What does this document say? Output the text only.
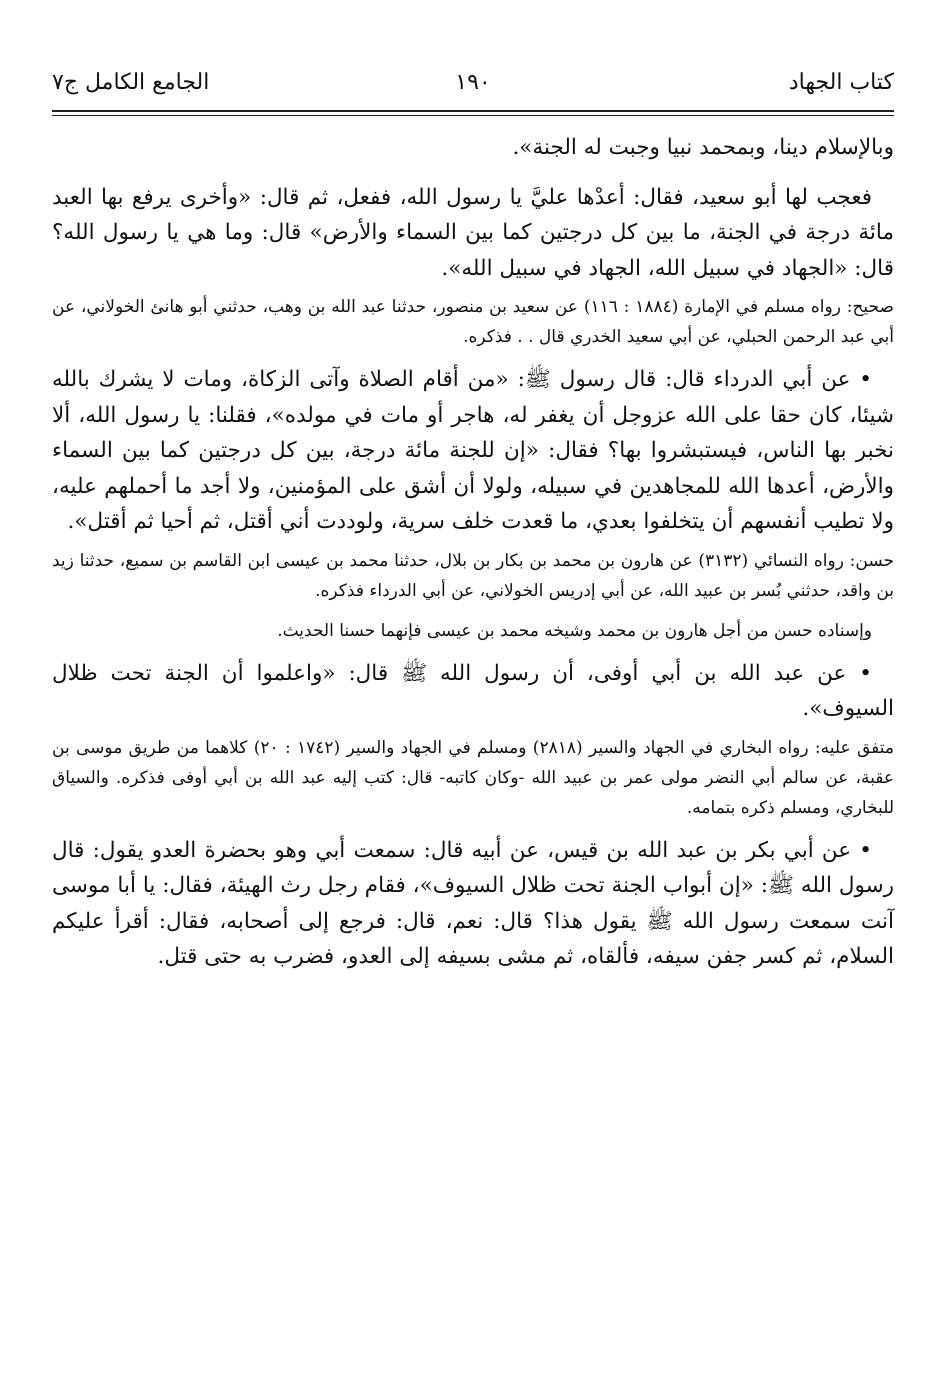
كتاب الجهاد
١٩٠
الجامع الكامل ج٧

وبالإسلام دينا، وبمحمد نبيا وجبت له الجنة».

فعجب لها أبو سعيد، فقال: أعدْها عليَّ يا رسول الله، ففعل، ثم قال: «وأخرى يرفع بها العبد مائة درجة في الجنة، ما بين كل درجتين كما بين السماء والأرض» قال: وما هي يا رسول الله؟ قال: «الجهاد في سبيل الله، الجهاد في سبيل الله».

صحيح: رواه مسلم في الإمارة (١٨٨٤ : ١١٦) عن سعيد بن منصور، حدثنا عبد الله بن وهب، حدثني أبو هانئ الخولاني، عن أبي عبد الرحمن الحبلي، عن أبي سعيد الخدري قال . . فذكره.

• عن أبي الدرداء قال: قال رسول ﷺ: «من أقام الصلاة وآتى الزكاة، ومات لا يشرك بالله شيئا، كان حقا على الله عزوجل أن يغفر له، هاجر أو مات في مولده»، فقلنا: يا رسول الله، ألا نخبر بها الناس، فيستبشروا بها؟ فقال: «إن للجنة مائة درجة، بين كل درجتين كما بين السماء والأرض، أعدها الله للمجاهدين في سبيله، ولولا أن أشق على المؤمنين، ولا أجد ما أحملهم عليه، ولا تطيب أنفسهم أن يتخلفوا بعدي، ما قعدت خلف سرية، ولوددت أني أقتل، ثم أحيا ثم أقتل».

حسن: رواه النسائي (٣١٣٢) عن هارون بن محمد بن بكار بن بلال، حدثنا محمد بن عيسى ابن القاسم بن سميع، حدثنا زيد بن واقد، حدثني بُسر بن عبيد الله، عن أبي إدريس الخولاني، عن أبي الدرداء فذكره.

وإسناده حسن من أجل هارون بن محمد وشيخه محمد بن عيسى فإنهما حسنا الحديث.

• عن عبد الله بن أبي أوفى، أن رسول الله ﷺ قال: «واعلموا أن الجنة تحت ظلال السيوف».

متفق عليه: رواه البخاري في الجهاد والسير (٢٨١٨) ومسلم في الجهاد والسير (١٧٤٢ : ٢٠) كلاهما من طريق موسى بن عقبة، عن سالم أبي النضر مولى عمر بن عبيد الله -وكان كاتبه- قال: كتب إليه عبد الله بن أبي أوفى فذكره. والسياق للبخاري، ومسلم ذكره بتمامه.

• عن أبي بكر بن عبد الله بن قيس، عن أبيه قال: سمعت أبي وهو بحضرة العدو يقول: قال رسول الله ﷺ: «إن أبواب الجنة تحت ظلال السيوف»، فقام رجل رث الهيئة، فقال: يا أبا موسى آنت سمعت رسول الله ﷺ يقول هذا؟ قال: نعم، قال: فرجع إلى أصحابه، فقال: أقرأ عليكم السلام، ثم كسر جفن سيفه، فألقاه، ثم مشى بسيفه إلى العدو، فضرب به حتى قتل.
